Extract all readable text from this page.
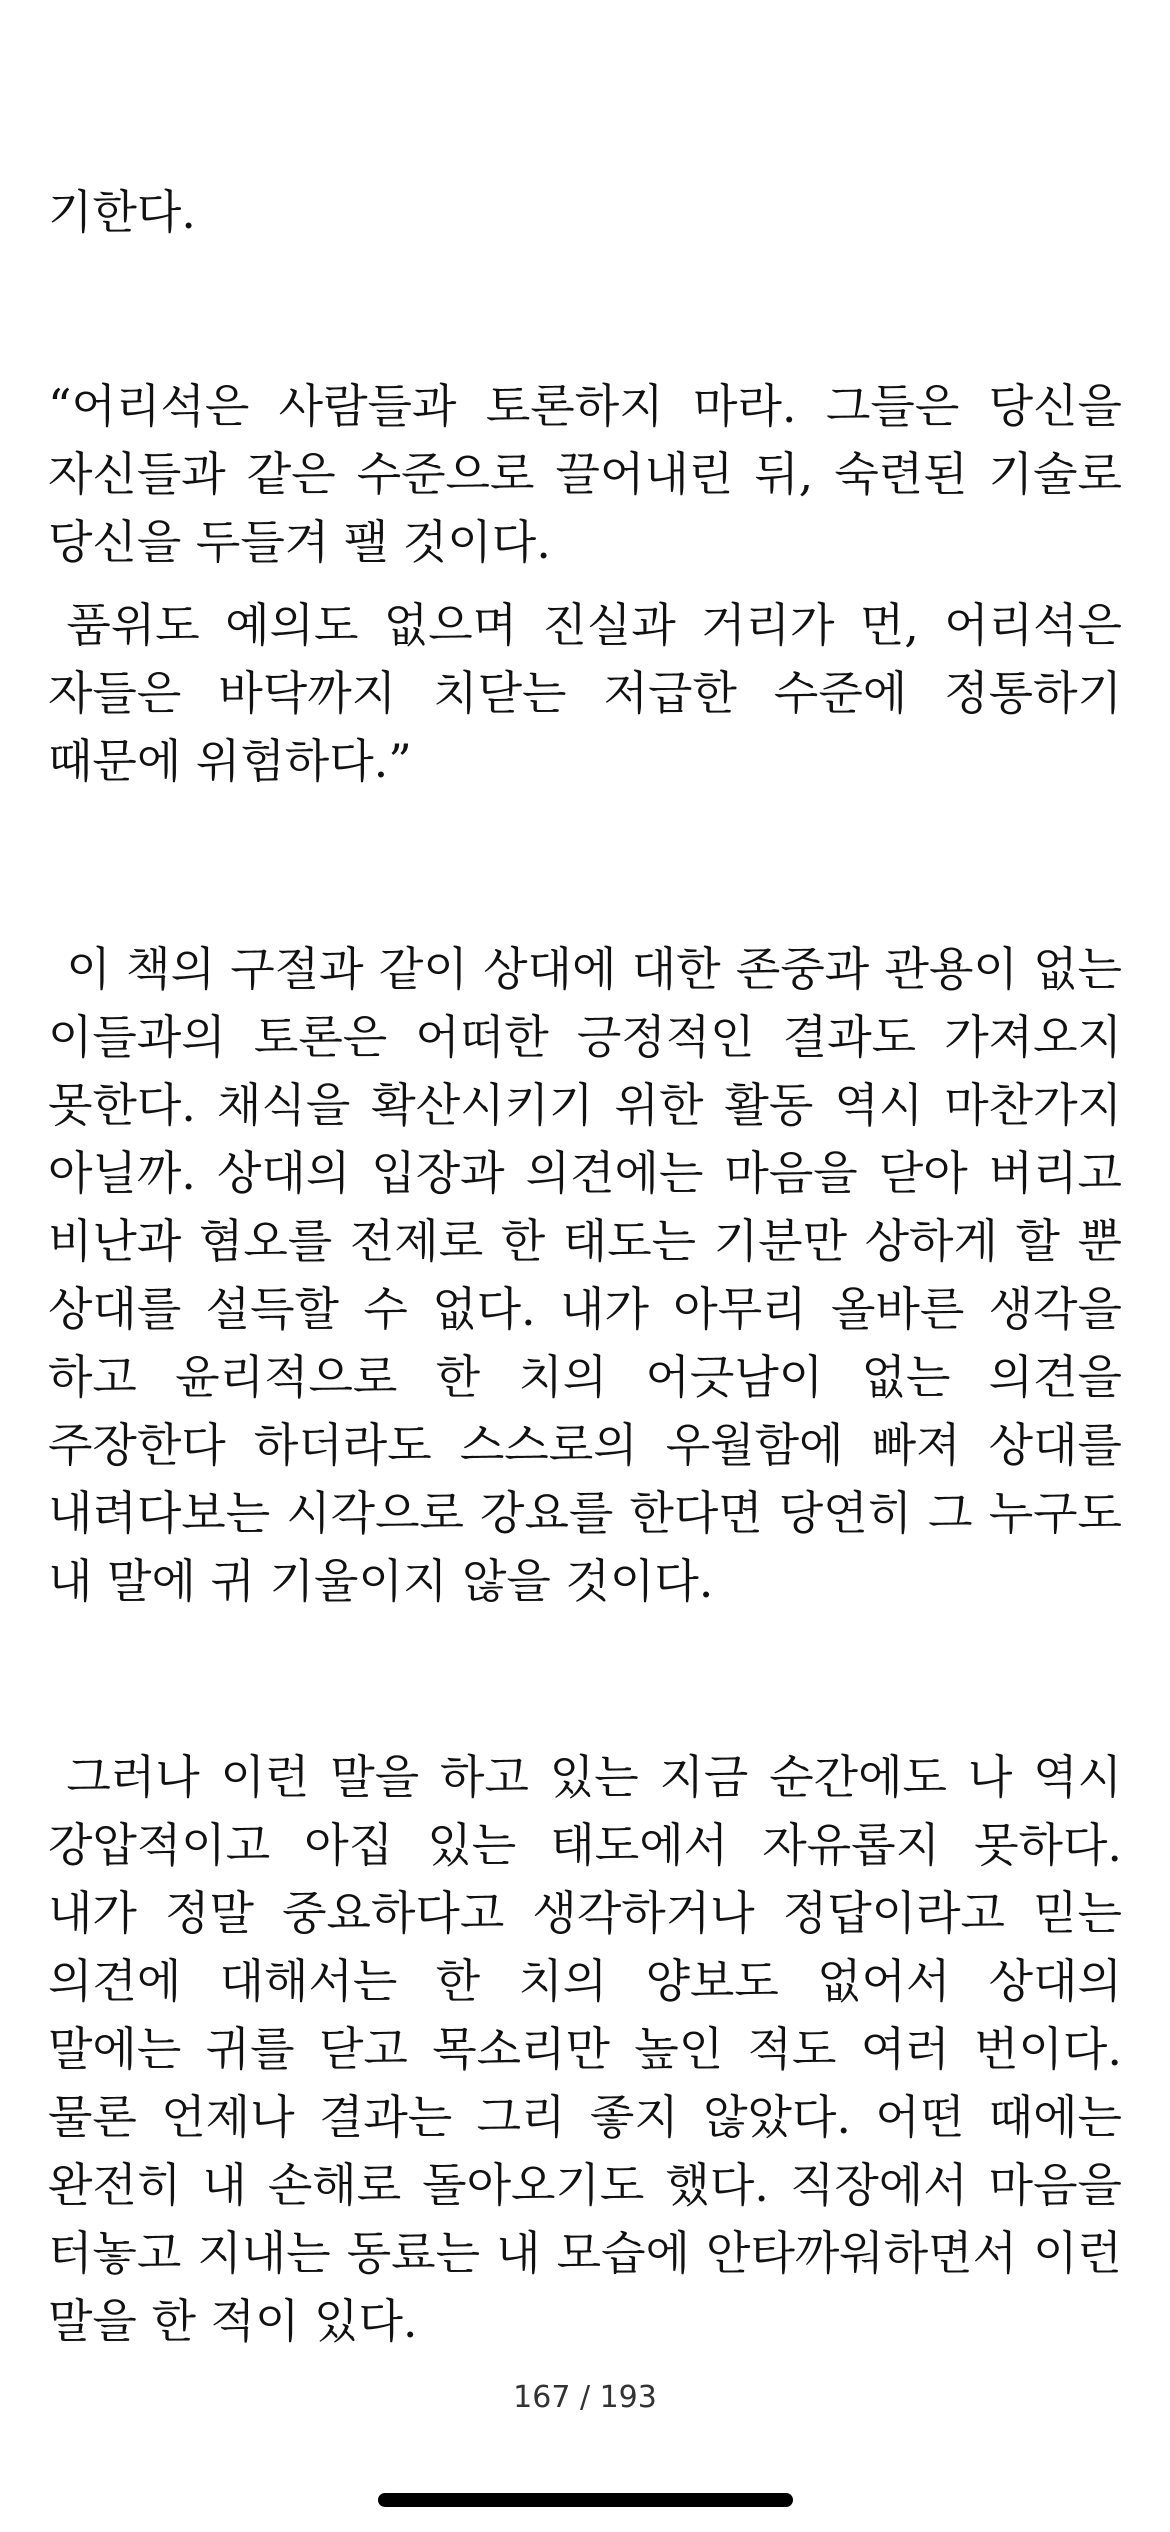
기한다.

“어리석은 사람들과 토론하지 마라. 그들은 당신을 자신들과 같은 수준으로 끌어내린 뒤, 숙련된 기술로 당신을 두들겨 팰 것이다.

품위도 예의도 없으며 진실과 거리가 먼, 어리석은 자들은 바닥까지 치닫는 저급한 수준에 정통하기 때문에 위험하다.”

이 책의 구절과 같이 상대에 대한 존중과 관용이 없는 이들과의 토론은 어떠한 긍정적인 결과도 가져오지 못한다. 채식을 확산시키기 위한 활동 역시 마찬가지 아닐까. 상대의 입장과 의견에는 마음을 닫아 버리고 비난과 혐오를 전제로 한 태도는 기분만 상하게 할 뿐 상대를 설득할 수 없다. 내가 아무리 올바른 생각을 하고 윤리적으로 한 치의 어긋남이 없는 의견을 주장한다 하더라도 스스로의 우월함에 빠져 상대를 내려다보는 시각으로 강요를 한다면 당연히 그 누구도 내 말에 귀 기울이지 않을 것이다.

그러나 이런 말을 하고 있는 지금 순간에도 나 역시 강압적이고 아집 있는 태도에서 자유롭지 못하다. 내가 정말 중요하다고 생각하거나 정답이라고 믿는 의견에 대해서는 한 치의 양보도 없어서 상대의 말에는 귀를 닫고 목소리만 높인 적도 여러 번이다. 물론 언제나 결과는 그리 좋지 않았다. 어떤 때에는 완전히 내 손해로 돌아오기도 했다. 직장에서 마음을 터놓고 지내는 동료는 내 모습에 안타까워하면서 이런 말을 한 적이 있다.

167 / 193
